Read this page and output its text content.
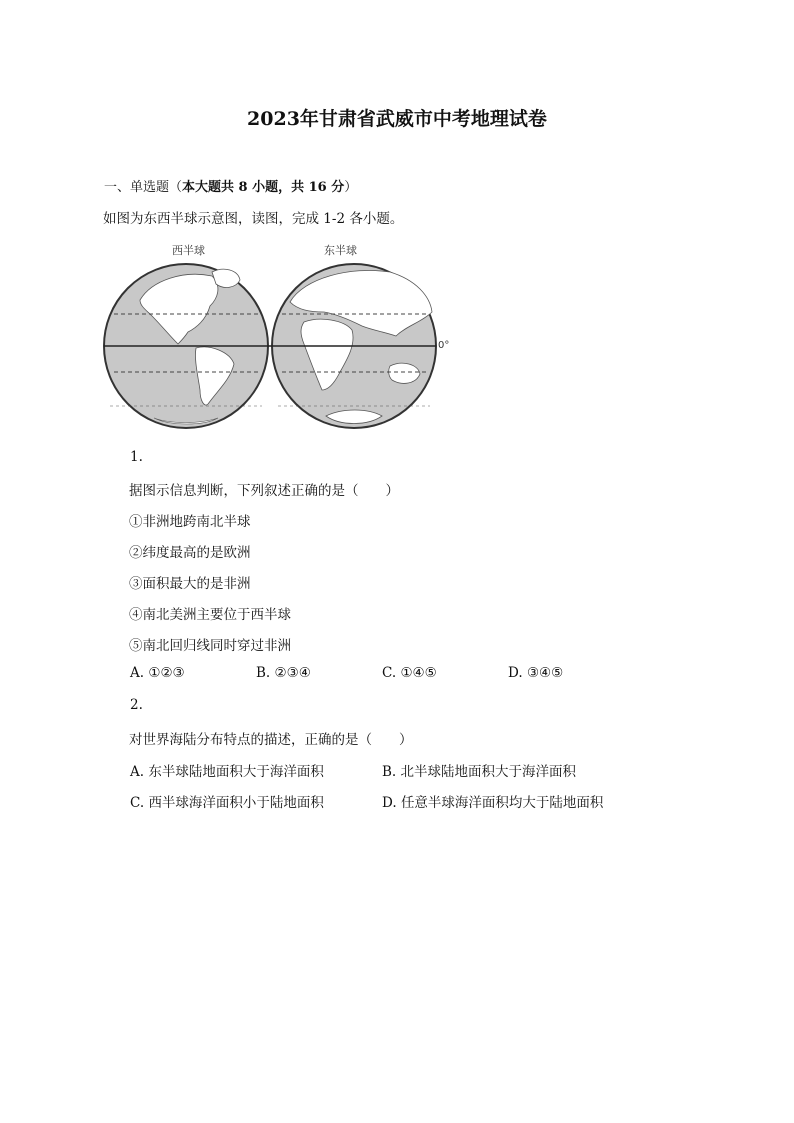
2023年甘肃省武威市中考地理试卷
一、单选题（本大题共 8 小题，共 16 分）
如图为东西半球示意图，读图，完成 1-2 各小题。
西半球	东半球
0°
1.
据图示信息判断，下列叙述正确的是（　　）
①非洲地跨南北半球
②纬度最高的是欧洲
③面积最大的是非洲
④南北美洲主要位于西半球
⑤南北回归线同时穿过非洲
A. ①②③	B. ②③④	C. ①④⑤	D. ③④⑤
2.
对世界海陆分布特点的描述，正确的是（　　）
A. 东半球陆地面积大于海洋面积	B. 北半球陆地面积大于海洋面积
C. 西半球海洋面积小于陆地面积	D. 任意半球海洋面积均大于陆地面积
